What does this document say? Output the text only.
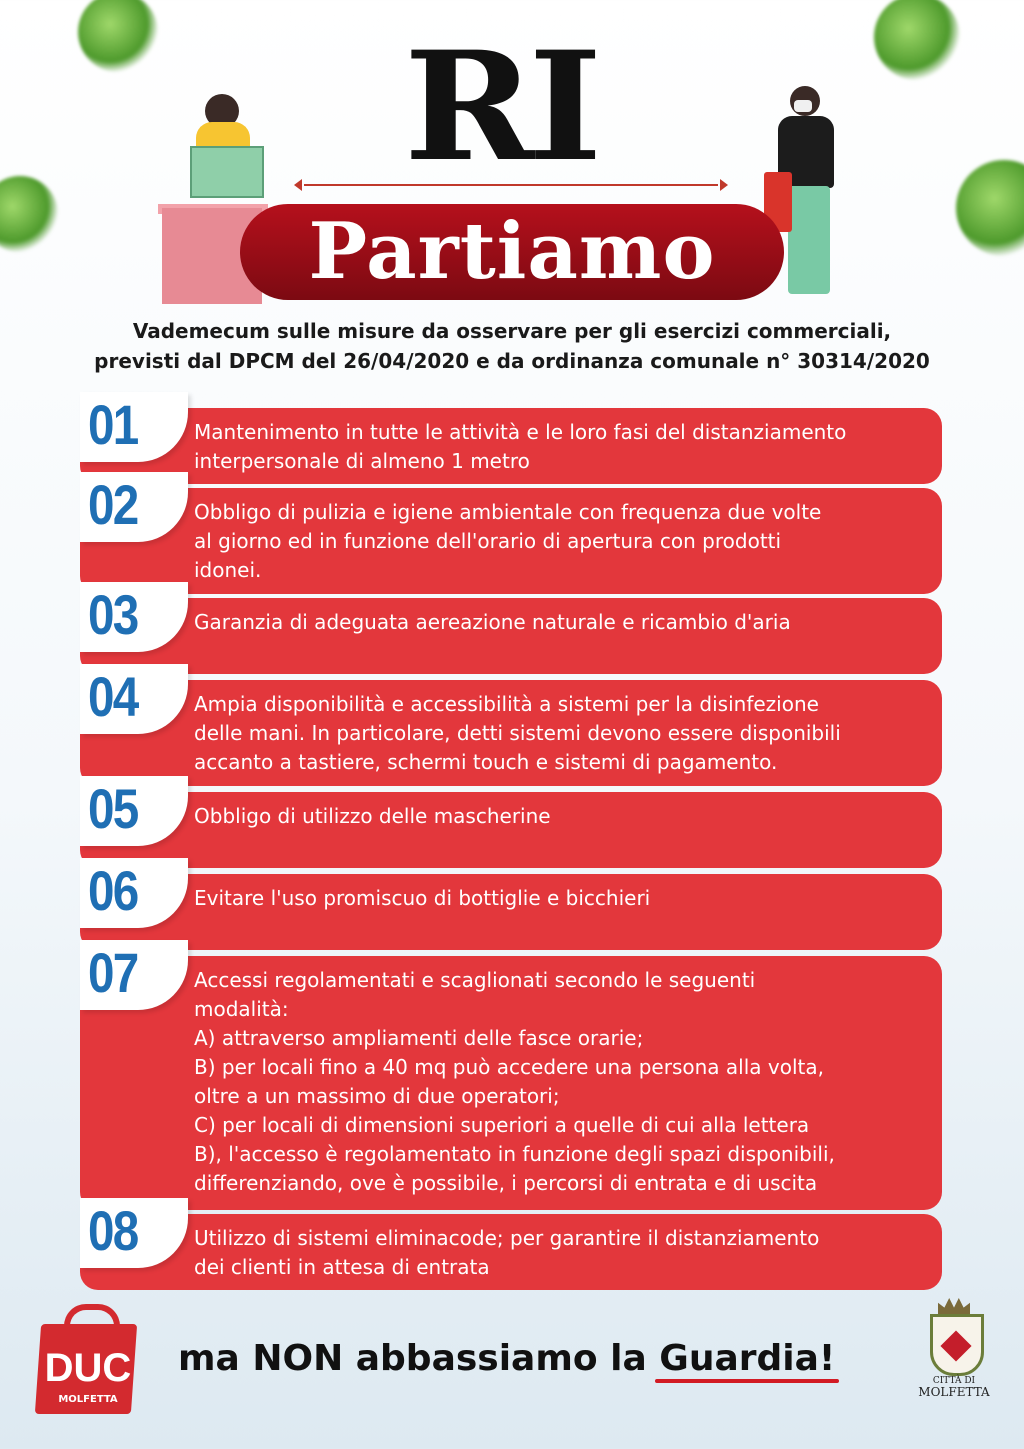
RI
Partiamo
Vademecum sulle misure da osservare per gli esercizi commerciali,
previsti dal DPCM del 26/04/2020 e da ordinanza comunale n° 30314/2020
01	Mantenimento in tutte le attività e le loro fasi del distanziamento
interpersonale di almeno 1 metro
02	Obbligo di pulizia e igiene ambientale con frequenza due volte
al giorno ed in funzione dell'orario di apertura con prodotti
idonei.
03	Garanzia di adeguata aereazione naturale e ricambio d'aria
04	Ampia disponibilità e accessibilità a sistemi per la disinfezione
delle mani. In particolare, detti sistemi devono essere disponibili
accanto a tastiere, schermi touch e sistemi di pagamento.
05	Obbligo di utilizzo delle mascherine
06	Evitare l'uso promiscuo di bottiglie e bicchieri
07	Accessi regolamentati e scaglionati secondo le seguenti
modalità:
A) attraverso ampliamenti delle fasce orarie;
B) per locali fino a 40 mq può accedere una persona alla volta,
oltre a un massimo di due operatori;
C) per locali di dimensioni superiori a quelle di cui alla lettera
B), l'accesso è regolamentato in funzione degli spazi disponibili,
differenziando, ove è possibile, i percorsi di entrata e di uscita
08	Utilizzo di sistemi eliminacode; per garantire il distanziamento
dei clienti in attesa di entrata
DUC
MOLFETTA
ma NON abbassiamo la Guardia!
CITTÀ DI
MOLFETTA
